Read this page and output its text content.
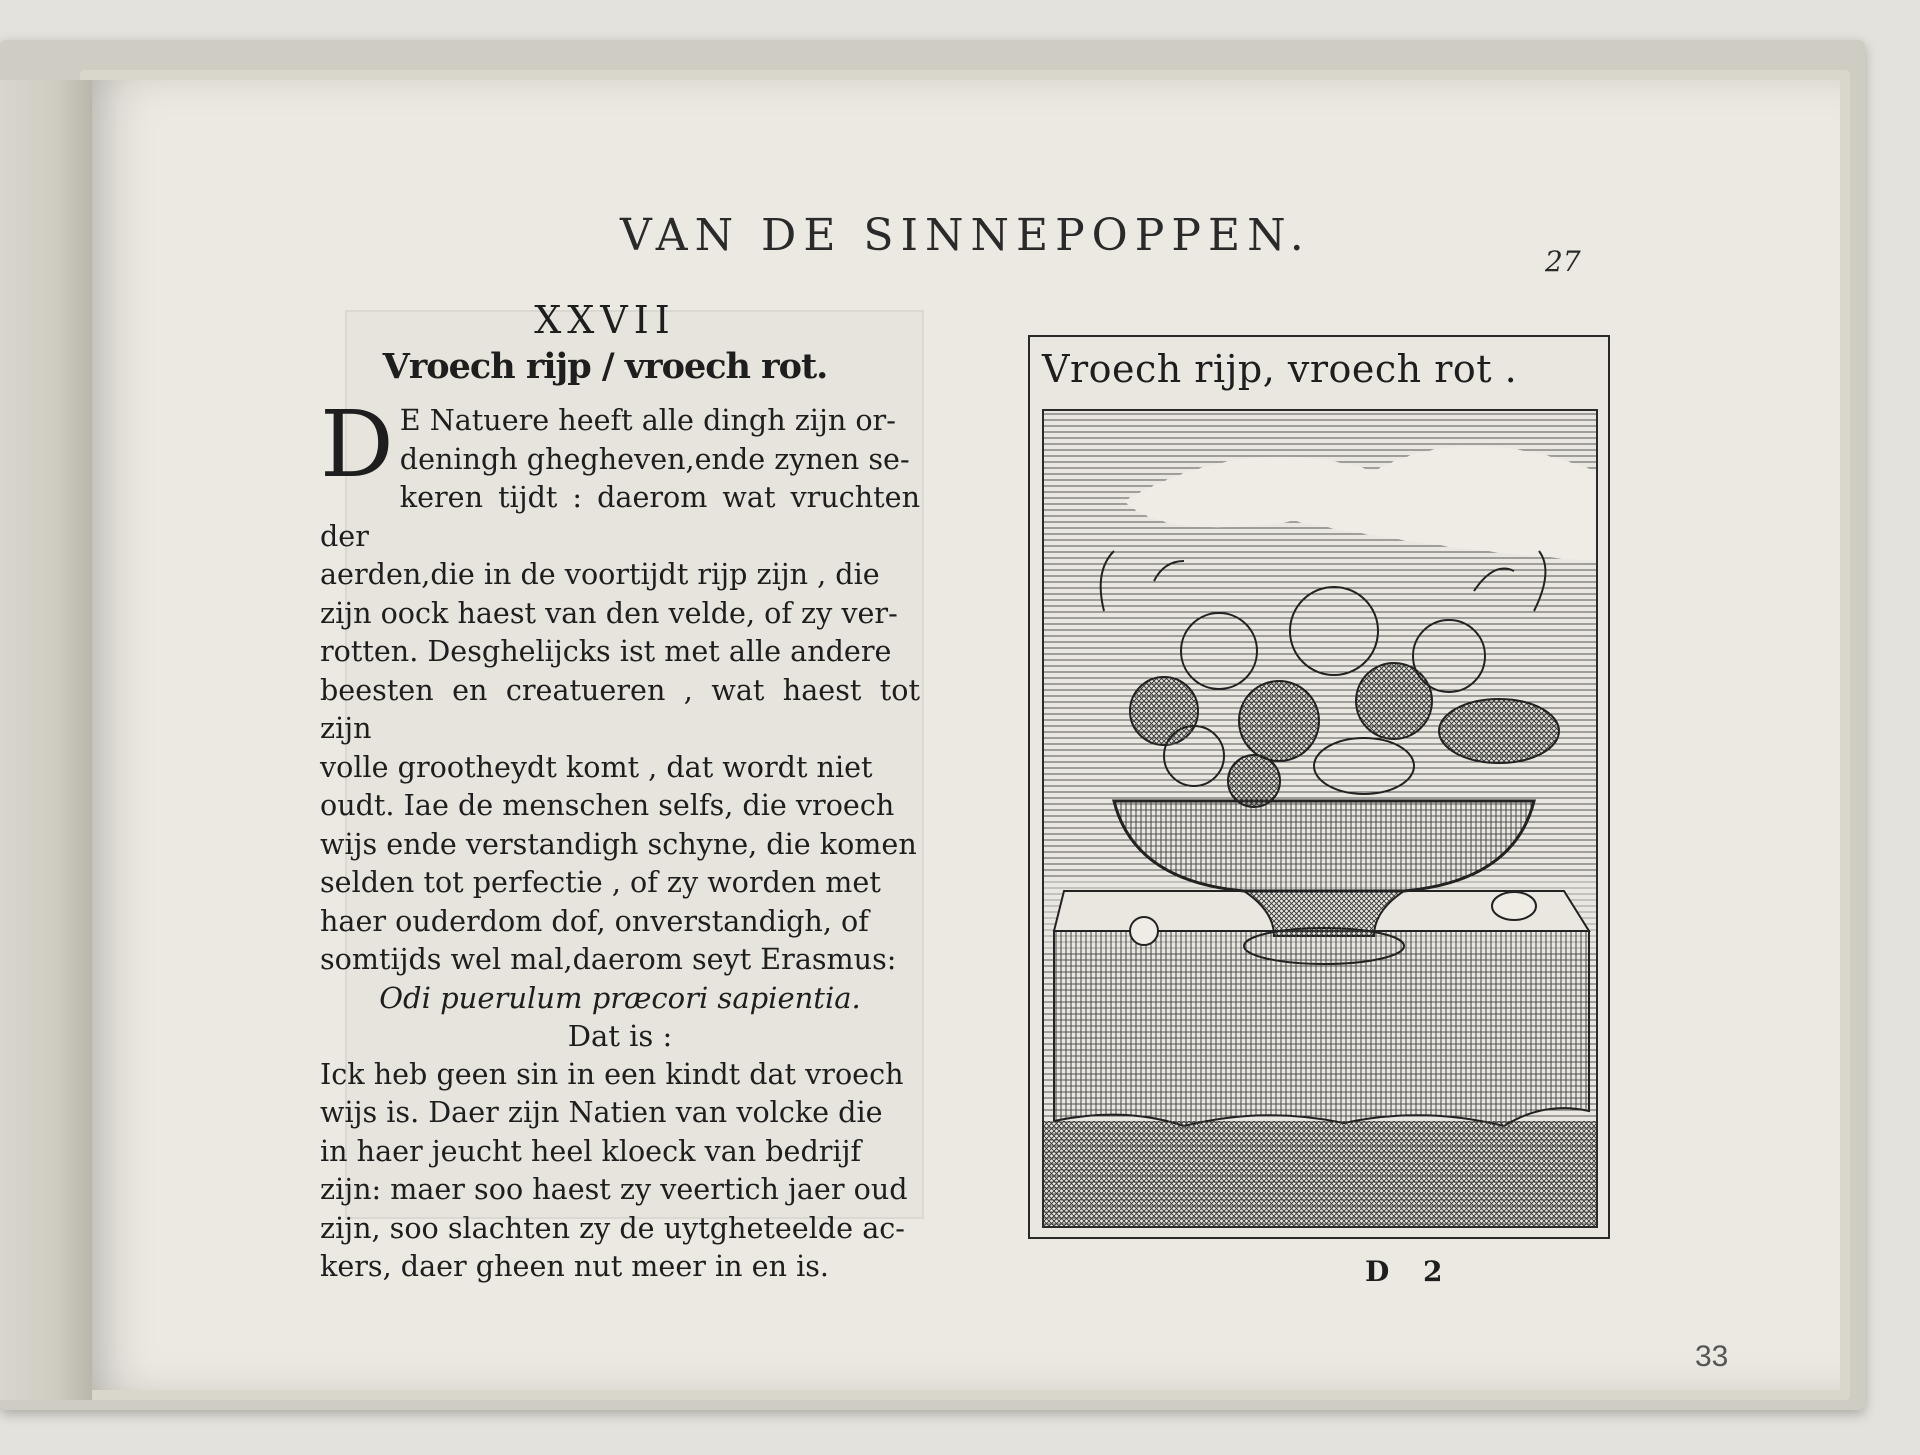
VAN DE SINNEPOPPEN.
27
XXVII
Vroech rijp / vroech rot.
D E Natuere heeft alle dingh zijn or-

deningh ghegheven,ende zynen se-

keren tijdt : daerom wat vruchten der

aerden,die in de voortijdt rijp zijn , die

zijn oock haest van den velde, of zy ver-

rotten. Desghelijcks ist met alle andere

beesten en creatueren , wat haest tot zijn

volle grootheydt komt , dat wordt niet

oudt. Iae de menschen selfs, die vroech

wijs ende verstandigh schyne, die komen

selden tot perfectie , of zy worden met

haer ouderdom dof, onverstandigh, of

somtijds wel mal,daerom seyt Erasmus:

Odi puerulum præcori sapientia.
Dat is :

Ick heb geen sin in een kindt dat vroech

wijs is. Daer zijn Natien van volcke die

in haer jeucht heel kloeck van bedrijf

zijn: maer soo haest zy veertich jaer oud

zijn, soo slachten zy de uytgheteelde ac-

kers, daer gheen nut meer in en is.

Vroech rijp, vroech rot .
D 2
33
